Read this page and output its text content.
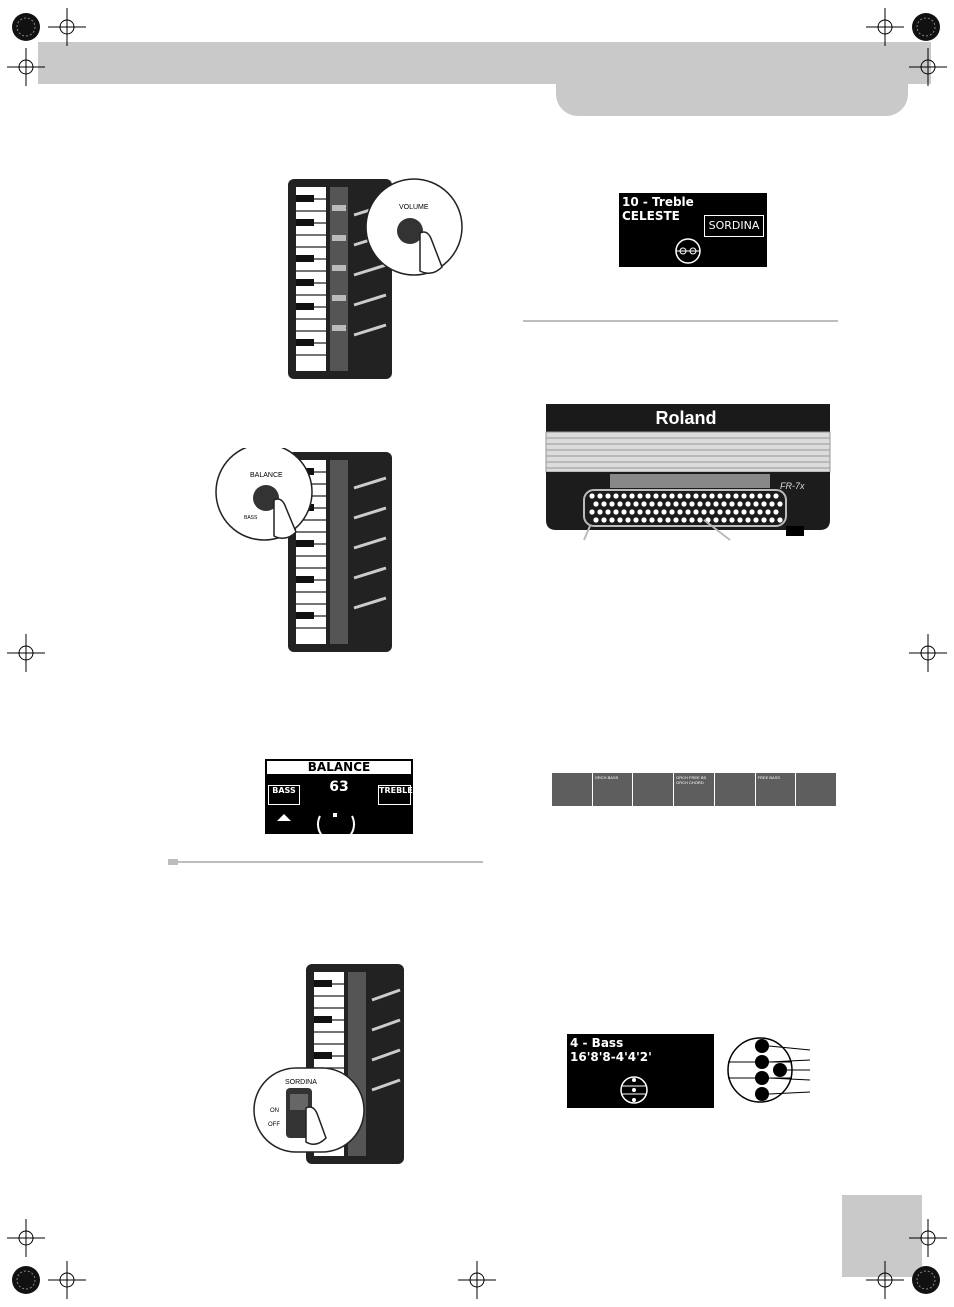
VOLUME
BALANCE
BASS
BALANCE
63
BASS	TREBLE
SORDINA
ON
OFF
10 - Treble
CELESTE
SORDINA
Roland
FR-7x
ORCH BASS	ORCH FREE BS ORCH CHORD
FREE BASS
4 - Bass
16'8'8-4'4'2'
